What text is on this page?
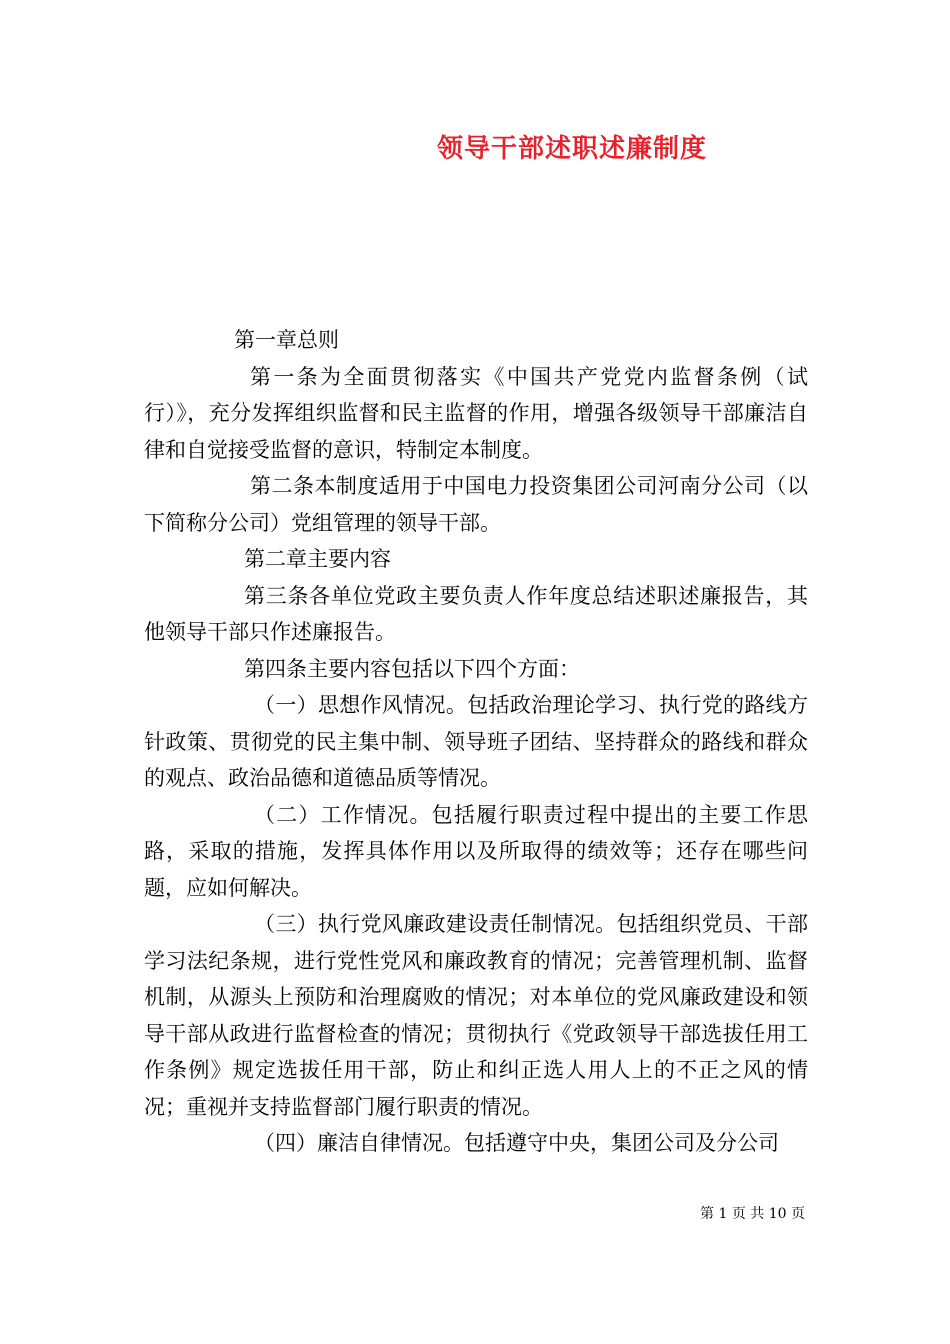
领导干部述职述廉制度

第一章总则

第一条为全面贯彻落实《中国共产党党内监督条例（试行）》，充分发挥组织监督和民主监督的作用，增强各级领导干部廉洁自律和自觉接受监督的意识，特制定本制度。

第二条本制度适用于中国电力投资集团公司河南分公司（以下简称分公司）党组管理的领导干部。

第二章主要内容

第三条各单位党政主要负责人作年度总结述职述廉报告，其他领导干部只作述廉报告。

第四条主要内容包括以下四个方面：

（一）思想作风情况。包括政治理论学习、执行党的路线方针政策、贯彻党的民主集中制、领导班子团结、坚持群众的路线和群众的观点、政治品德和道德品质等情况。

（二）工作情况。包括履行职责过程中提出的主要工作思路，采取的措施，发挥具体作用以及所取得的绩效等；还存在哪些问题，应如何解决。

（三）执行党风廉政建设责任制情况。包括组织党员、干部学习法纪条规，进行党性党风和廉政教育的情况；完善管理机制、监督机制，从源头上预防和治理腐败的情况；对本单位的党风廉政建设和领导干部从政进行监督检查的情况；贯彻执行《党政领导干部选拔任用工作条例》规定选拔任用干部，防止和纠正选人用人上的不正之风的情况；重视并支持监督部门履行职责的情况。

（四）廉洁自律情况。包括遵守中央，集团公司及分公司

第 1 页 共 10 页
